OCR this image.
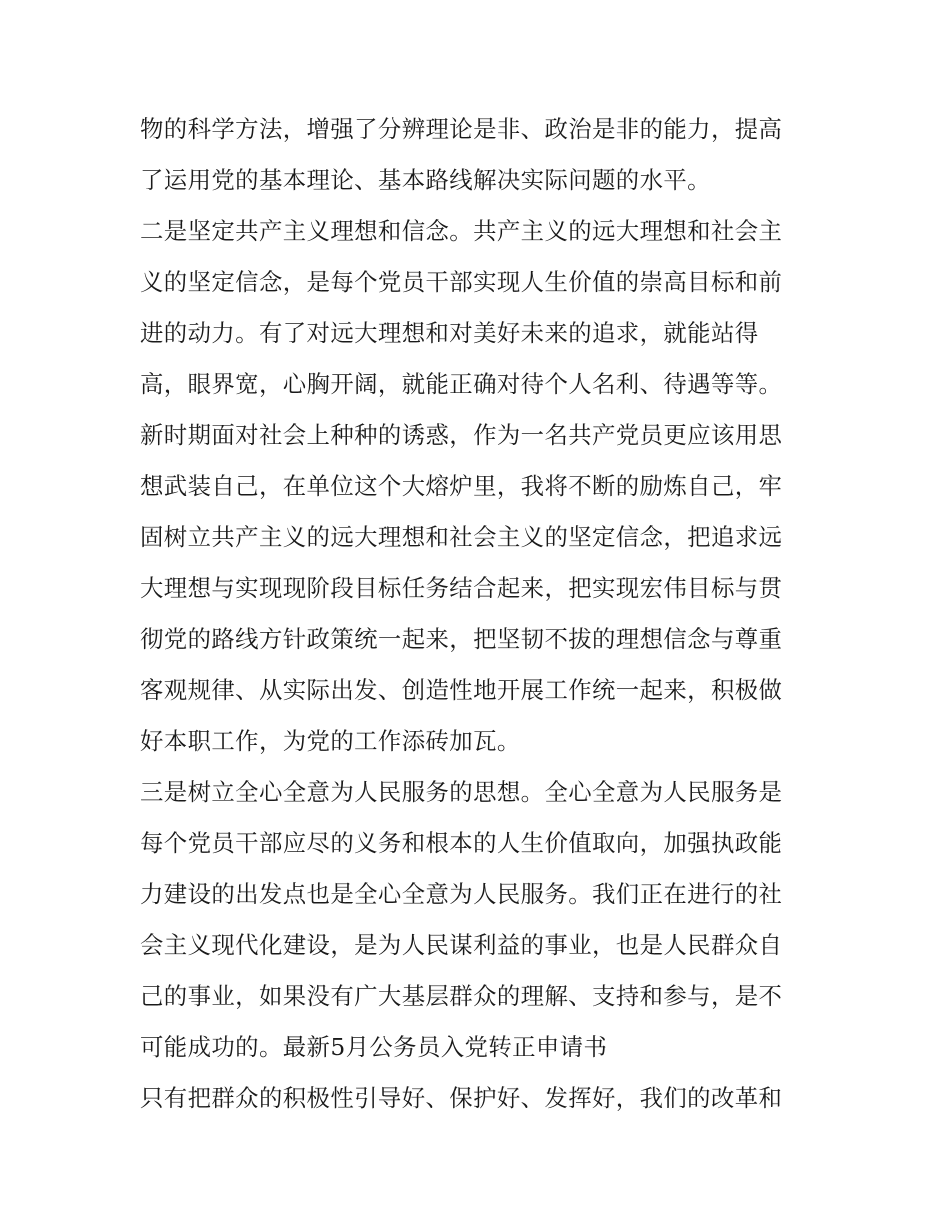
物的科学方法，增强了分辨理论是非、政治是非的能力，提高
了运用党的基本理论、基本路线解决实际问题的水平。
二是坚定共产主义理想和信念。共产主义的远大理想和社会主
义的坚定信念，是每个党员干部实现人生价值的崇高目标和前
进的动力。有了对远大理想和对美好未来的追求，就能站得
高，眼界宽，心胸开阔，就能正确对待个人名利、待遇等等。
新时期面对社会上种种的诱惑，作为一名共产党员更应该用思
想武装自己，在单位这个大熔炉里，我将不断的励炼自己，牢
固树立共产主义的远大理想和社会主义的坚定信念，把追求远
大理想与实现现阶段目标任务结合起来，把实现宏伟目标与贯
彻党的路线方针政策统一起来，把坚韧不拔的理想信念与尊重
客观规律、从实际出发、创造性地开展工作统一起来，积极做
好本职工作，为党的工作添砖加瓦。
三是树立全心全意为人民服务的思想。全心全意为人民服务是
每个党员干部应尽的义务和根本的人生价值取向，加强执政能
力建设的出发点也是全心全意为人民服务。我们正在进行的社
会主义现代化建设，是为人民谋利益的事业，也是人民群众自
己的事业，如果没有广大基层群众的理解、支持和参与，是不
可能成功的。最新5月公务员入党转正申请书
只有把群众的积极性引导好、保护好、发挥好，我们的改革和
